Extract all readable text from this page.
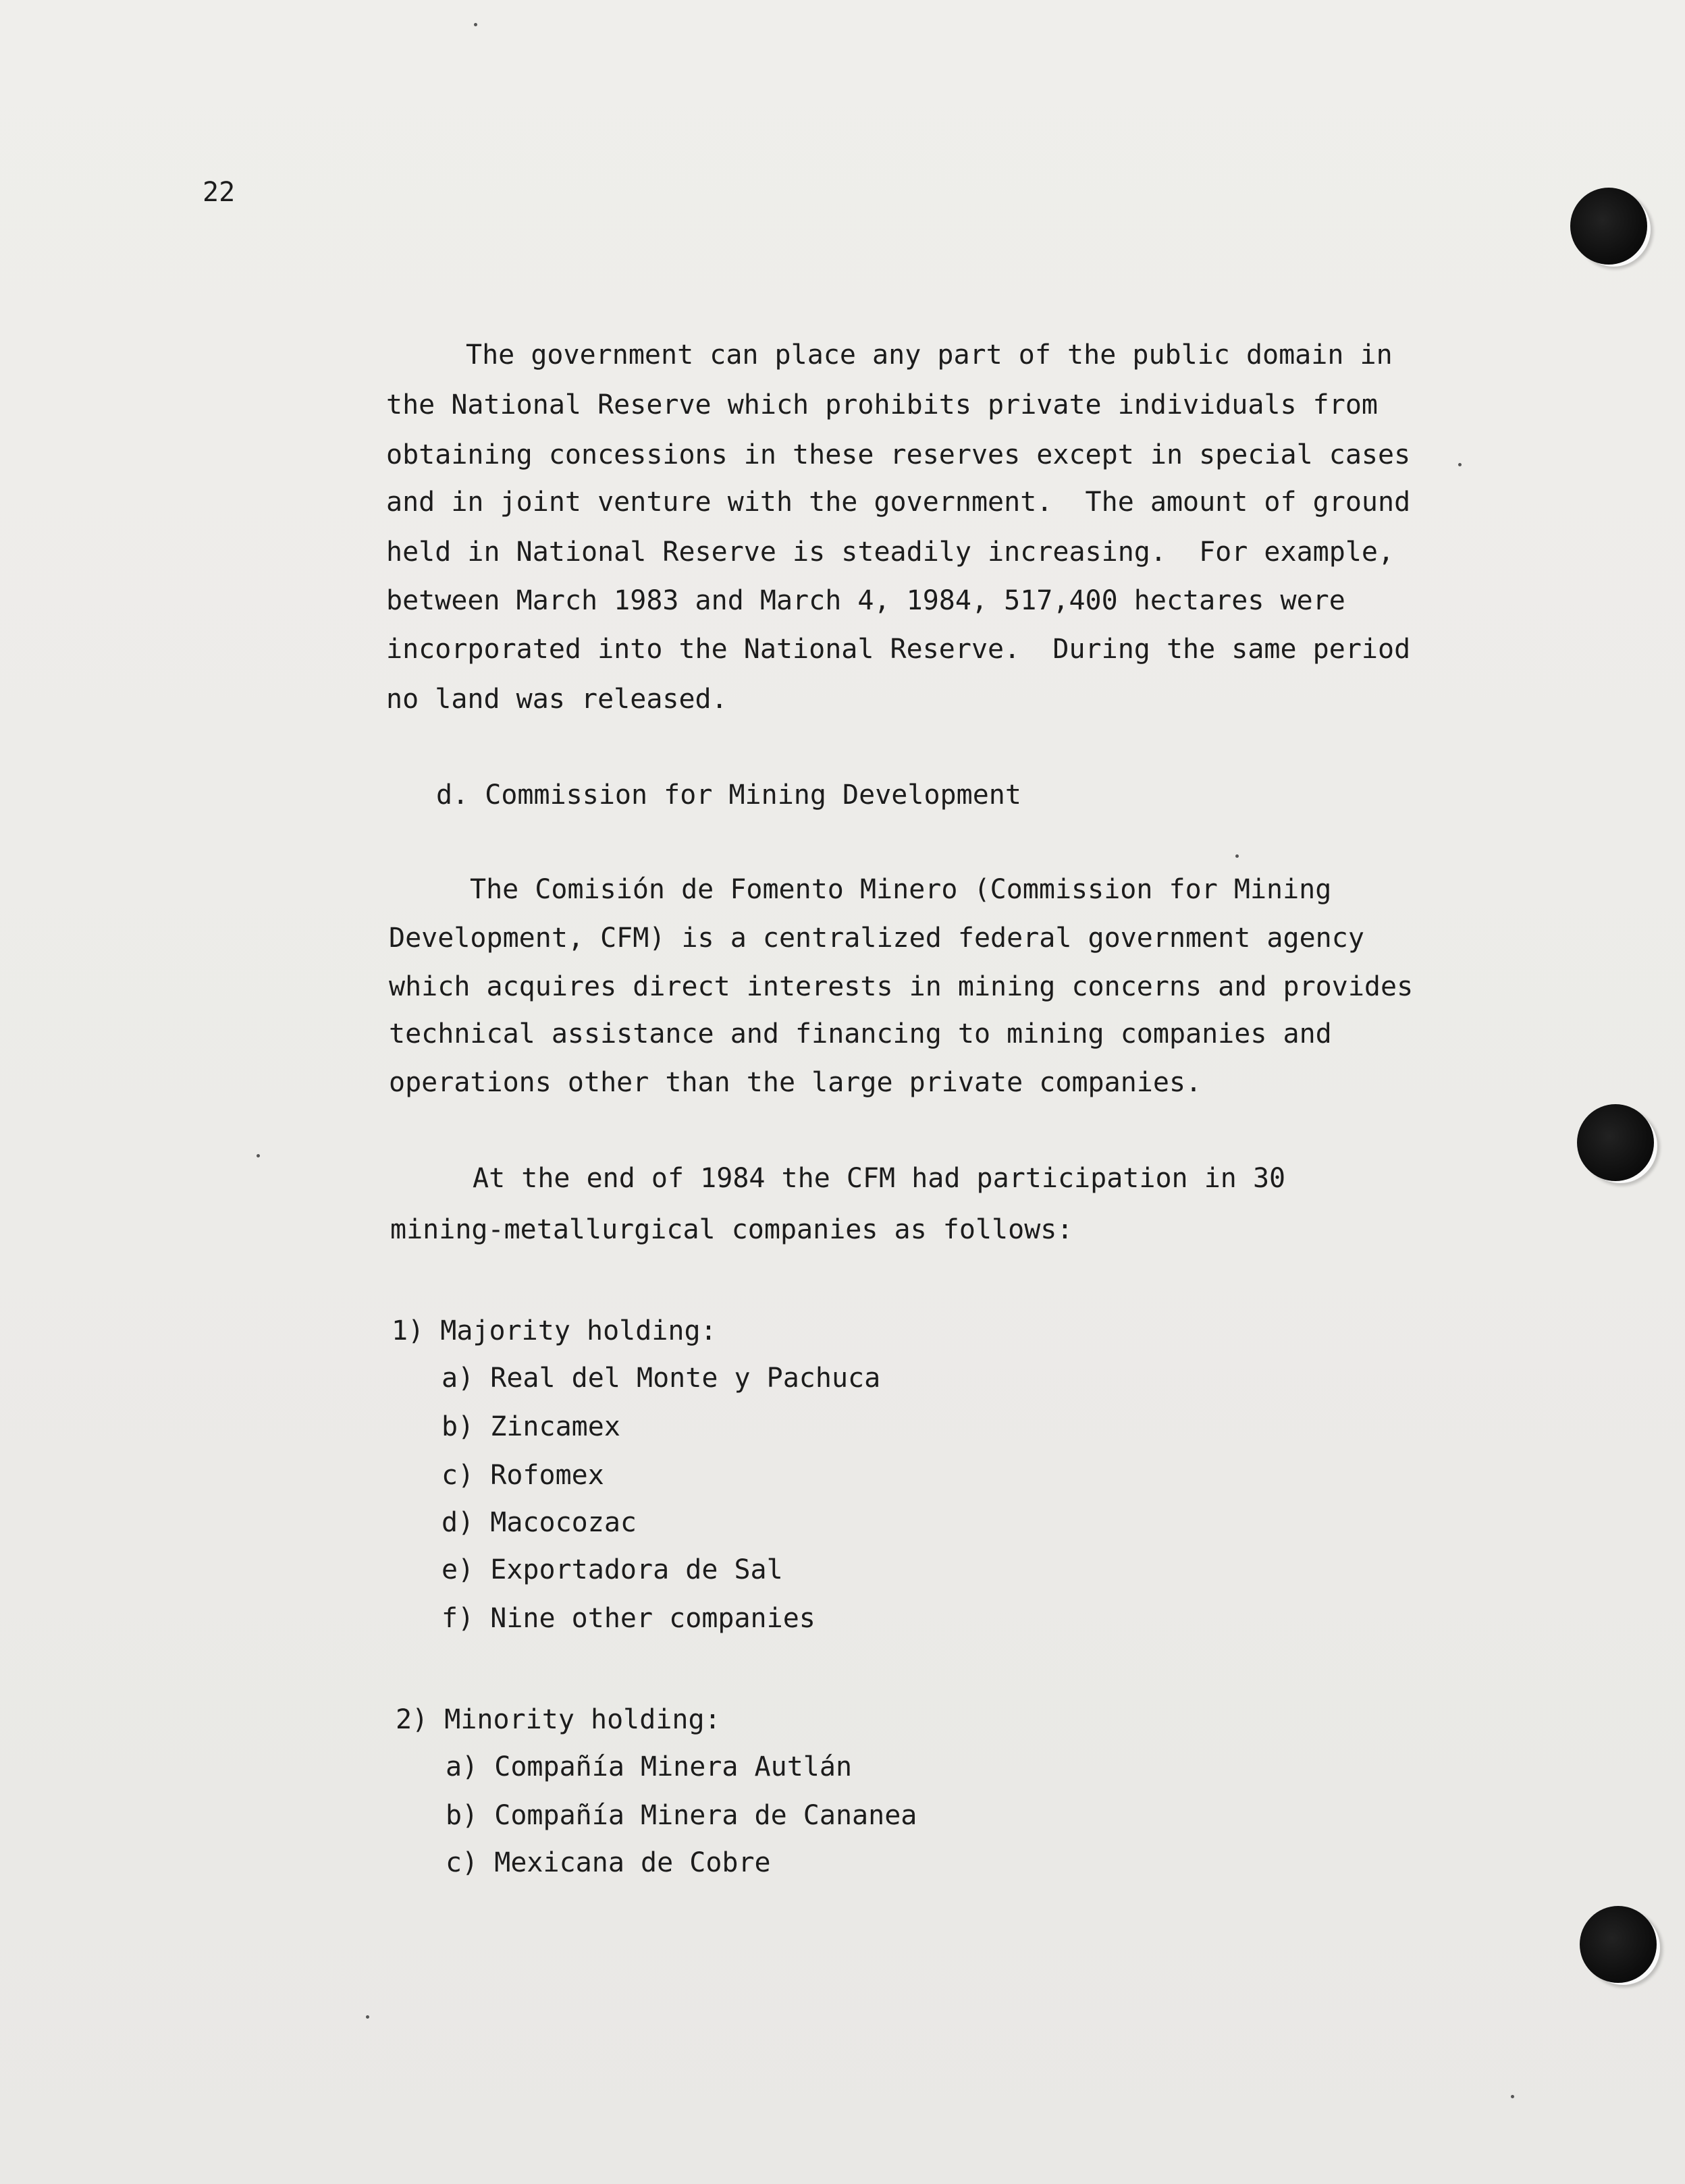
22
The government can place any part of the public domain in
the National Reserve which prohibits private individuals from
obtaining concessions in these reserves except in special cases
and in joint venture with the government.  The amount of ground
held in National Reserve is steadily increasing.  For example,
between March 1983 and March 4, 1984, 517,400 hectares were
incorporated into the National Reserve.  During the same period
no land was released.
d. Commission for Mining Development
The Comisión de Fomento Minero (Commission for Mining
Development, CFM) is a centralized federal government agency
which acquires direct interests in mining concerns and provides
technical assistance and financing to mining companies and
operations other than the large private companies.
At the end of 1984 the CFM had participation in 30
mining-metallurgical companies as follows:
1) Majority holding:
a) Real del Monte y Pachuca
b) Zincamex
c) Rofomex
d) Macocozac
e) Exportadora de Sal
f) Nine other companies
2) Minority holding:
a) Compañía Minera Autlán
b) Compañía Minera de Cananea
c) Mexicana de Cobre
